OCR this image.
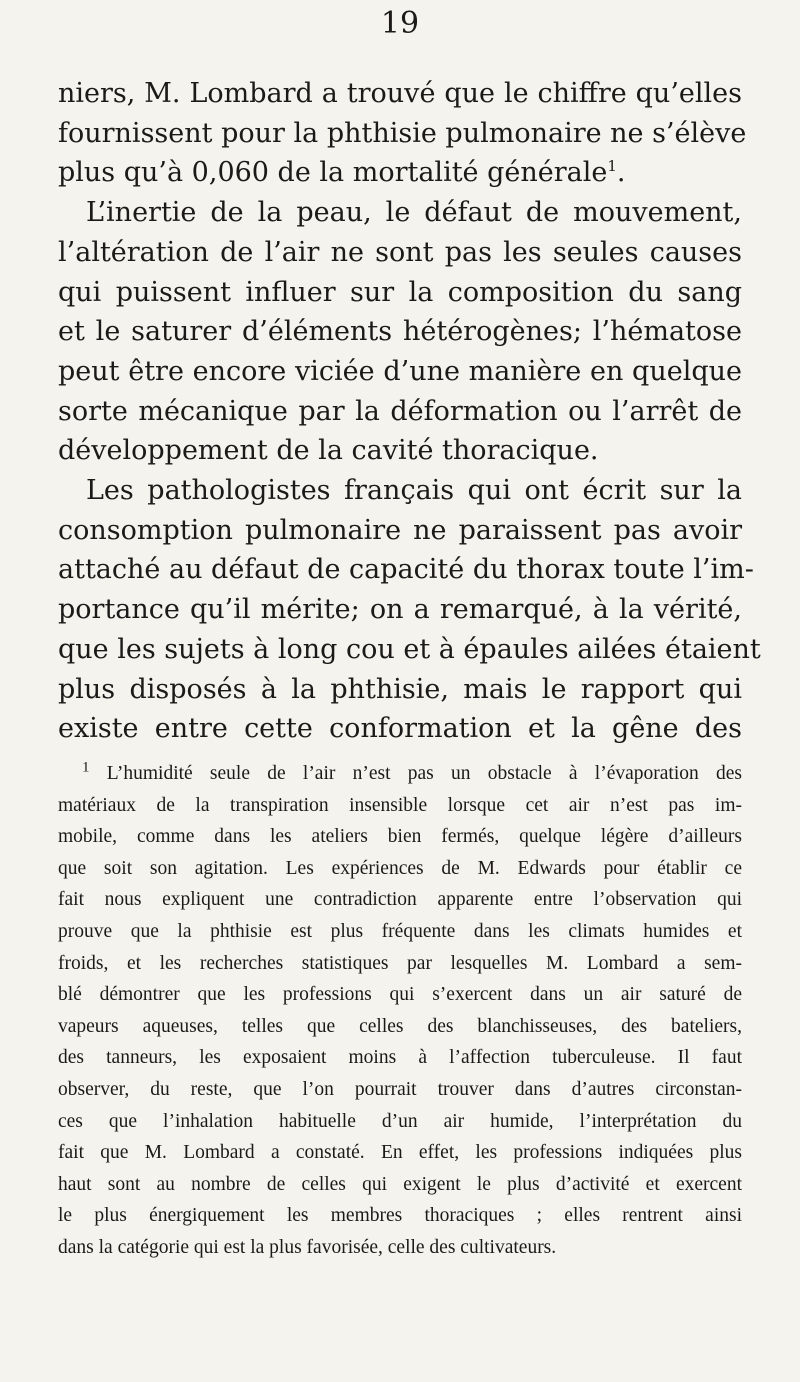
19
niers, M. Lombard a trouvé que le chiffre qu’elles
fournissent pour la phthisie pulmonaire ne s’élève
plus qu’à 0,060 de la mortalité générale$^1$.
L’inertie de la peau, le défaut de mouvement,
l’altération de l’air ne sont pas les seules causes
qui puissent influer sur la composition du sang
et le saturer d’éléments hétérogènes; l’hématose
peut être encore viciée d’une manière en quelque
sorte mécanique par la déformation ou l’arrêt de
développement de la cavité thoracique.
Les pathologistes français qui ont écrit sur la
consomption pulmonaire ne paraissent pas avoir
attaché au défaut de capacité du thorax toute l’im-
portance qu’il mérite; on a remarqué, à la vérité,
que les sujets à long cou et à épaules ailées étaient
plus disposés à la phthisie, mais le rapport qui
existe entre cette conformation et la gêne des
$^1$ L’humidité seule de l’air n’est pas un obstacle à l’évaporation des
matériaux de la transpiration insensible lorsque cet air n’est pas im-
mobile, comme dans les ateliers bien fermés, quelque légère d’ailleurs
que soit son agitation. Les expériences de M. Edwards pour établir ce
fait nous expliquent une contradiction apparente entre l’observation qui
prouve que la phthisie est plus fréquente dans les climats humides et
froids, et les recherches statistiques par lesquelles M. Lombard a sem-
blé démontrer que les professions qui s’exercent dans un air saturé de
vapeurs aqueuses, telles que celles des blanchisseuses, des bateliers,
des tanneurs, les exposaient moins à l’affection tuberculeuse. Il faut
observer, du reste, que l’on pourrait trouver dans d’autres circonstan-
ces que l’inhalation habituelle d’un air humide, l’interprétation du
fait que M. Lombard a constaté. En effet, les professions indiquées plus
haut sont au nombre de celles qui exigent le plus d’activité et exercent
le plus énergiquement les membres thoraciques ; elles rentrent ainsi
dans la catégorie qui est la plus favorisée, celle des cultivateurs.
